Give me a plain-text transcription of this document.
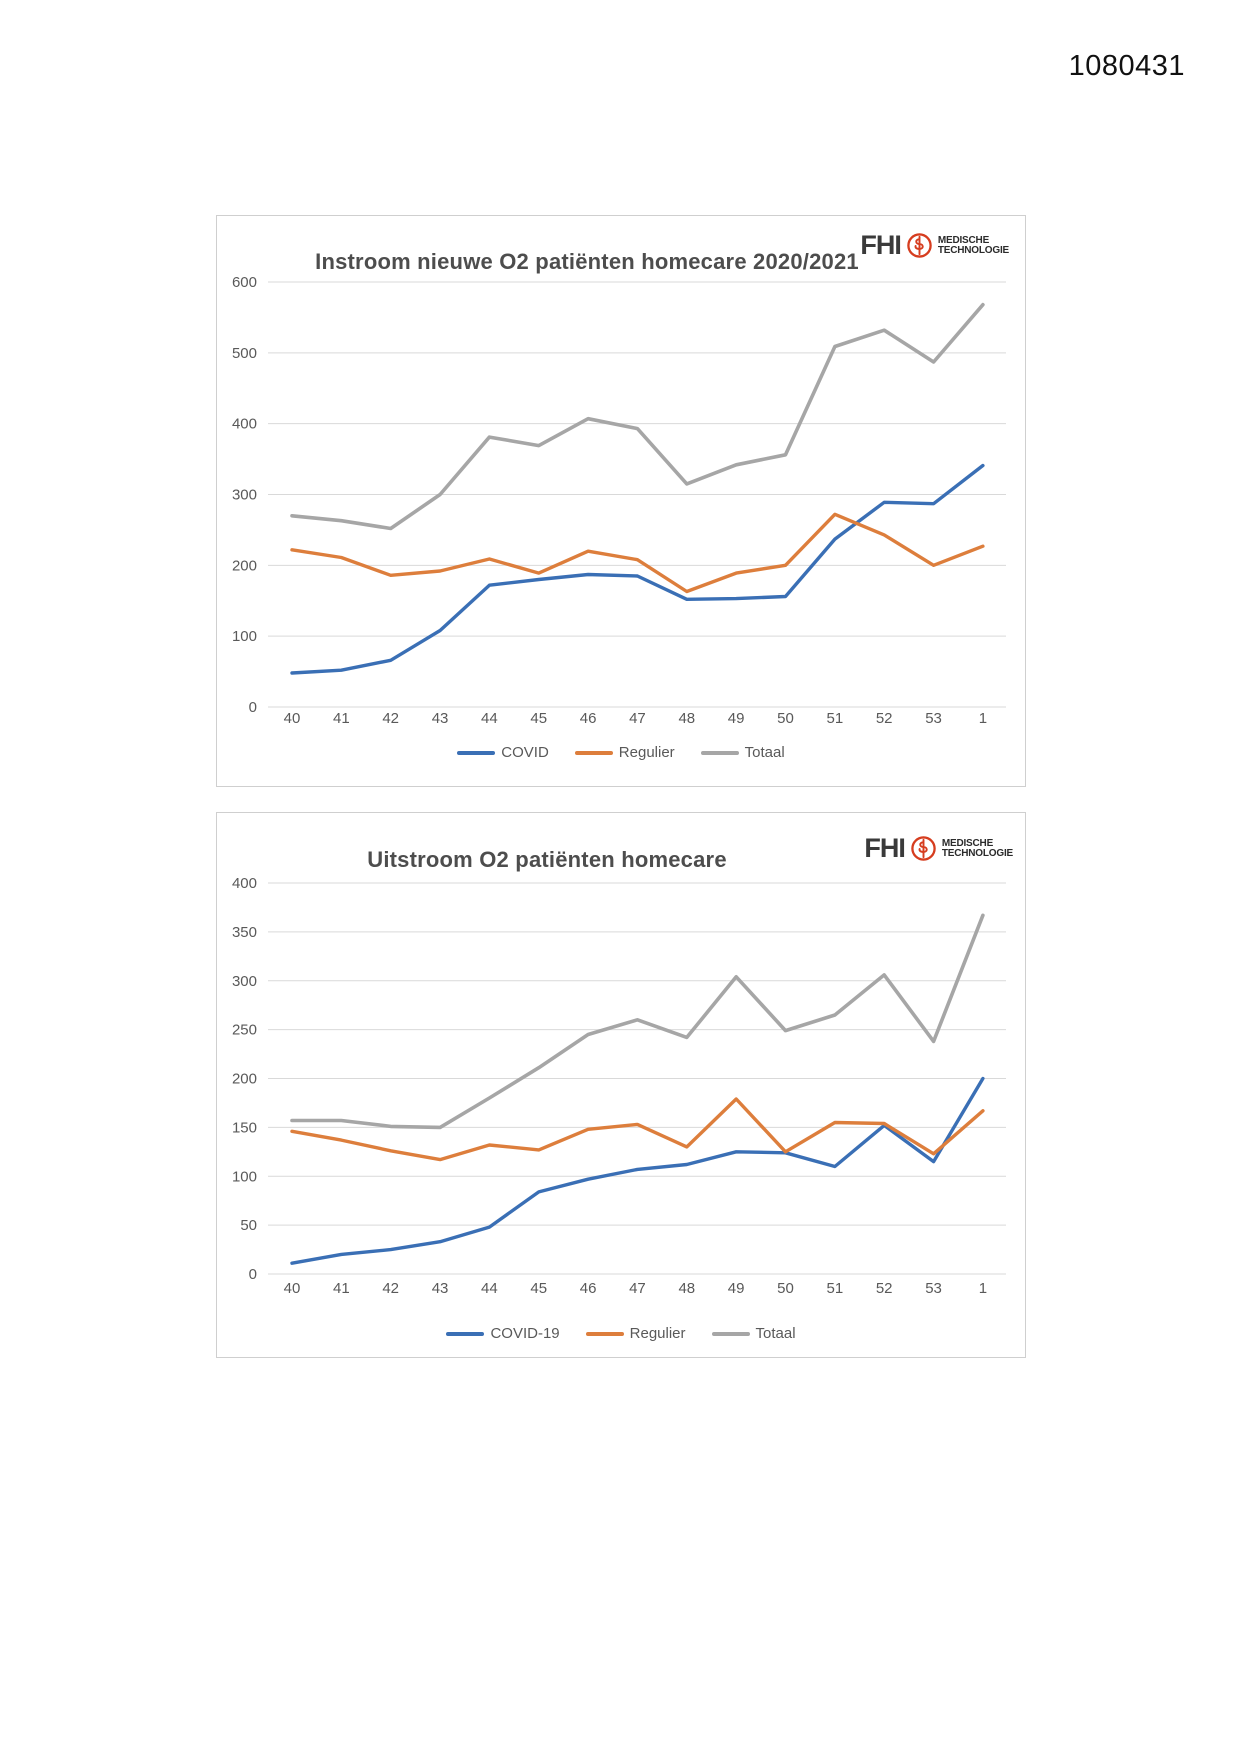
1080431
0
100
200
300
400
500
600
40 41 42 43 44 45 46 47 48 49 50 51 52 53 1
Instroom nieuwe O2 patiënten homecare 2020/2021
FHI	MEDISCHE
TECHNOLOGIE
COVID	Regulier	Totaal
0
50
100
150
200
250
300
350
400
40 41 42 43 44 45 46 47 48 49 50 51 52 53 1
Uitstroom O2 patiënten homecare	FHI	MEDISCHE
TECHNOLOGIE
COVID-19	Regulier	Totaal
